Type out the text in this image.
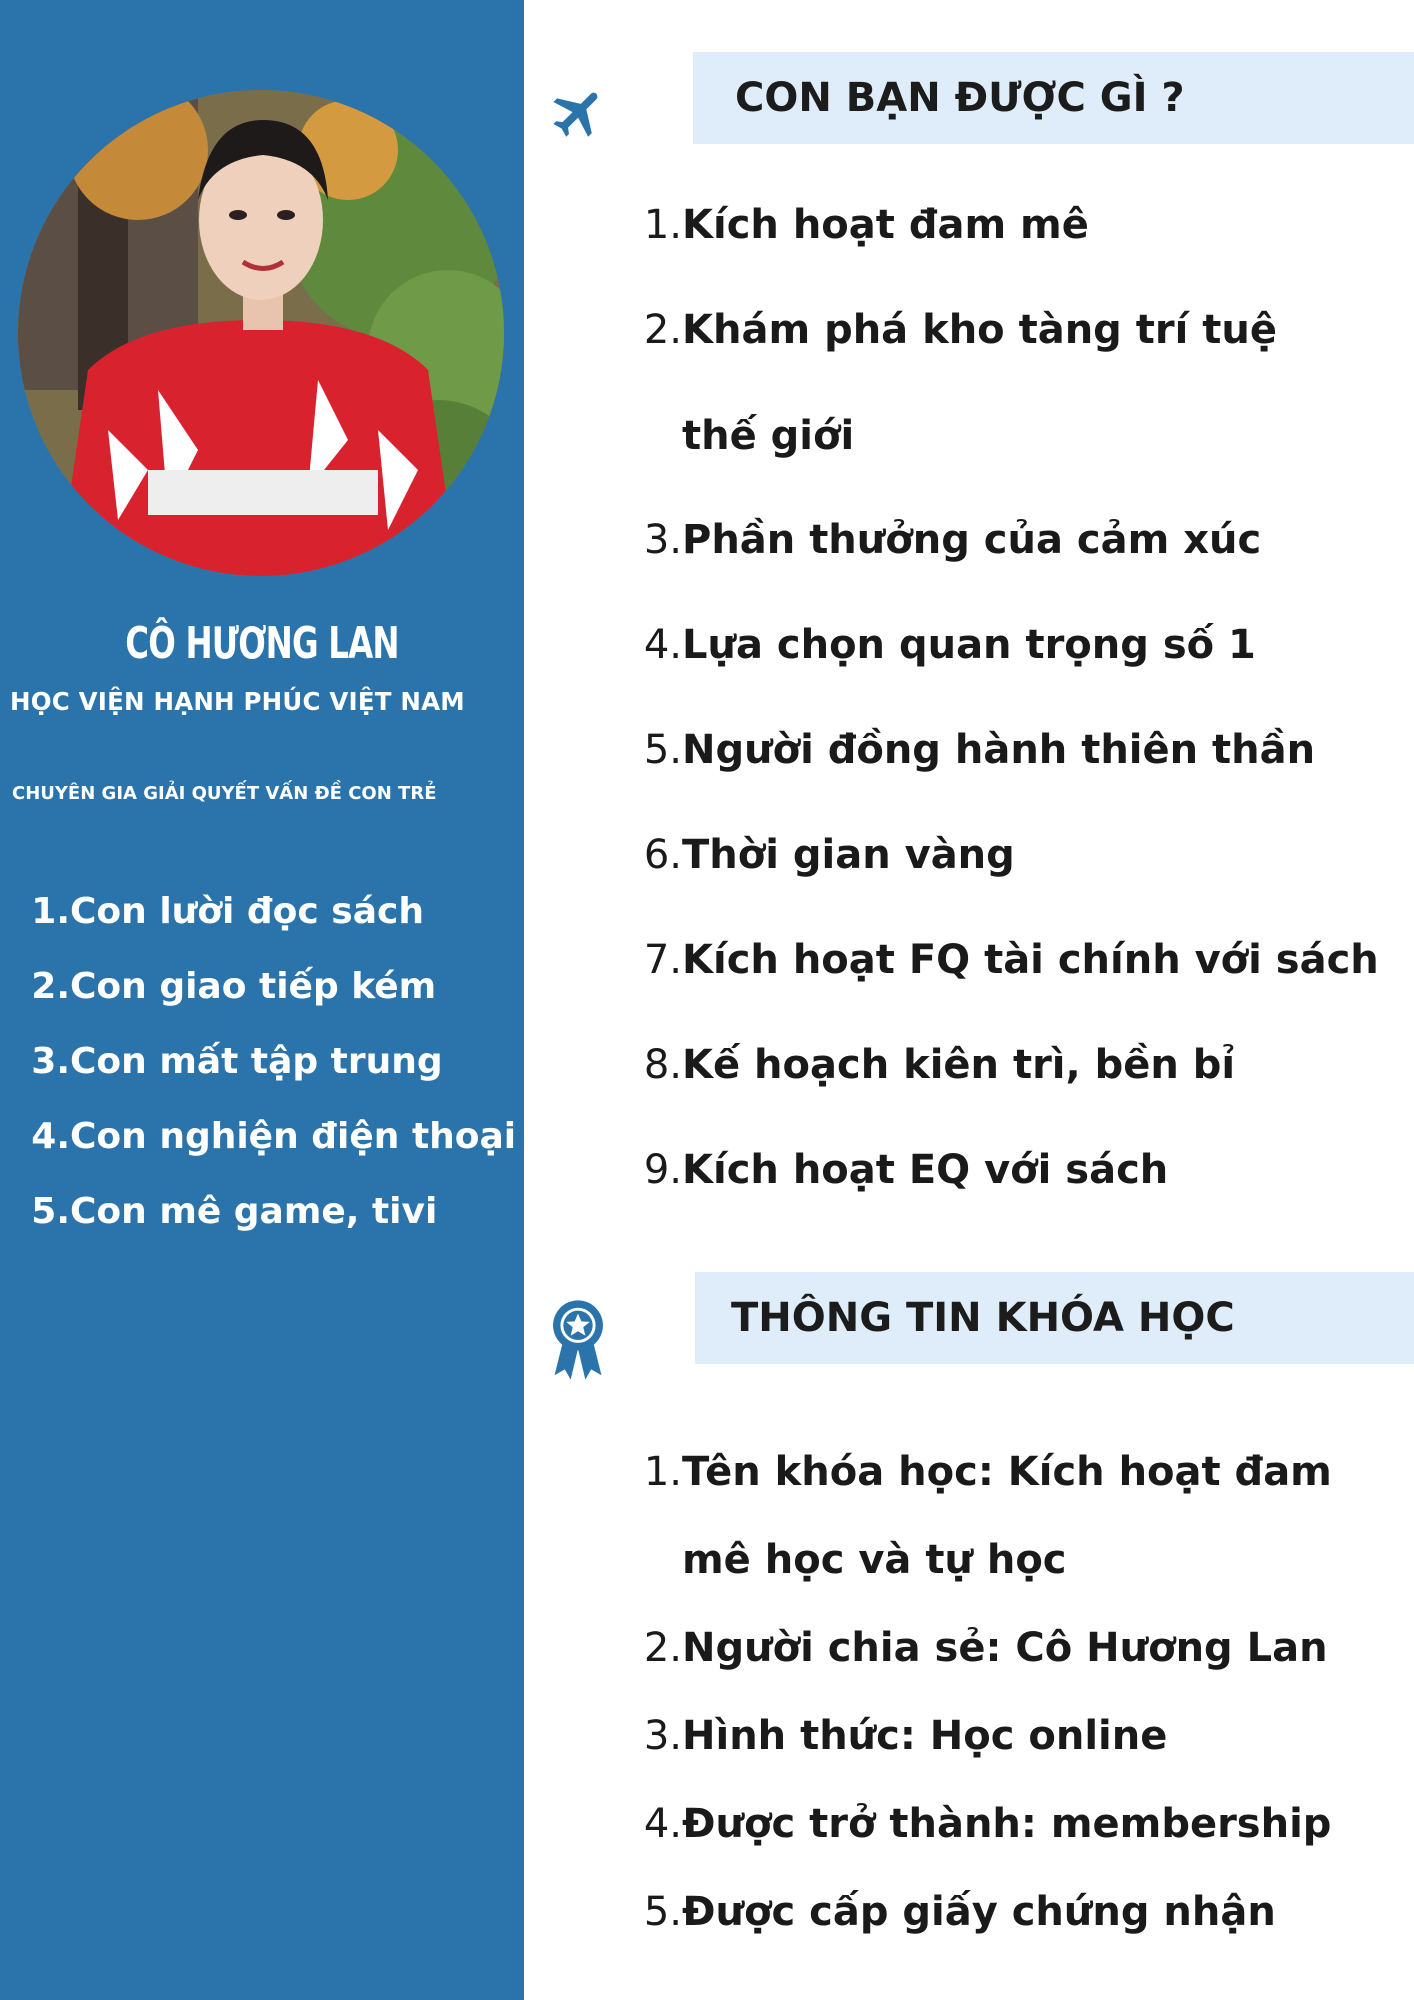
CÔ HƯƠNG LAN
HỌC VIỆN HẠNH PHÚC VIỆT NAM
CHUYÊN GIA GIẢI QUYẾT VẤN ĐỀ CON TRẺ
1. Con lười đọc sách
2. Con giao tiếp kém
3. Con mất tập trung
4. Con nghiện điện thoại
5. Con mê game, tivi
CON BẠN ĐƯỢC GÌ ?
1. Kích hoạt đam mê
2. Khám phá kho tàng trí tuệ thế giới
3. Phần thưởng của cảm xúc
4. Lựa chọn quan trọng số 1
5. Người đồng hành thiên thần
6. Thời gian vàng
7. Kích hoạt FQ tài chính với sách
8. Kế hoạch kiên trì, bền bỉ
9. Kích hoạt EQ với sách
THÔNG TIN KHÓA HỌC
1. Tên khóa học: Kích hoạt đam mê học và tự học
2. Người chia sẻ: Cô Hương Lan
3. Hình thức: Học online
4. Được trở thành: membership
5. Được cấp giấy chứng nhận
